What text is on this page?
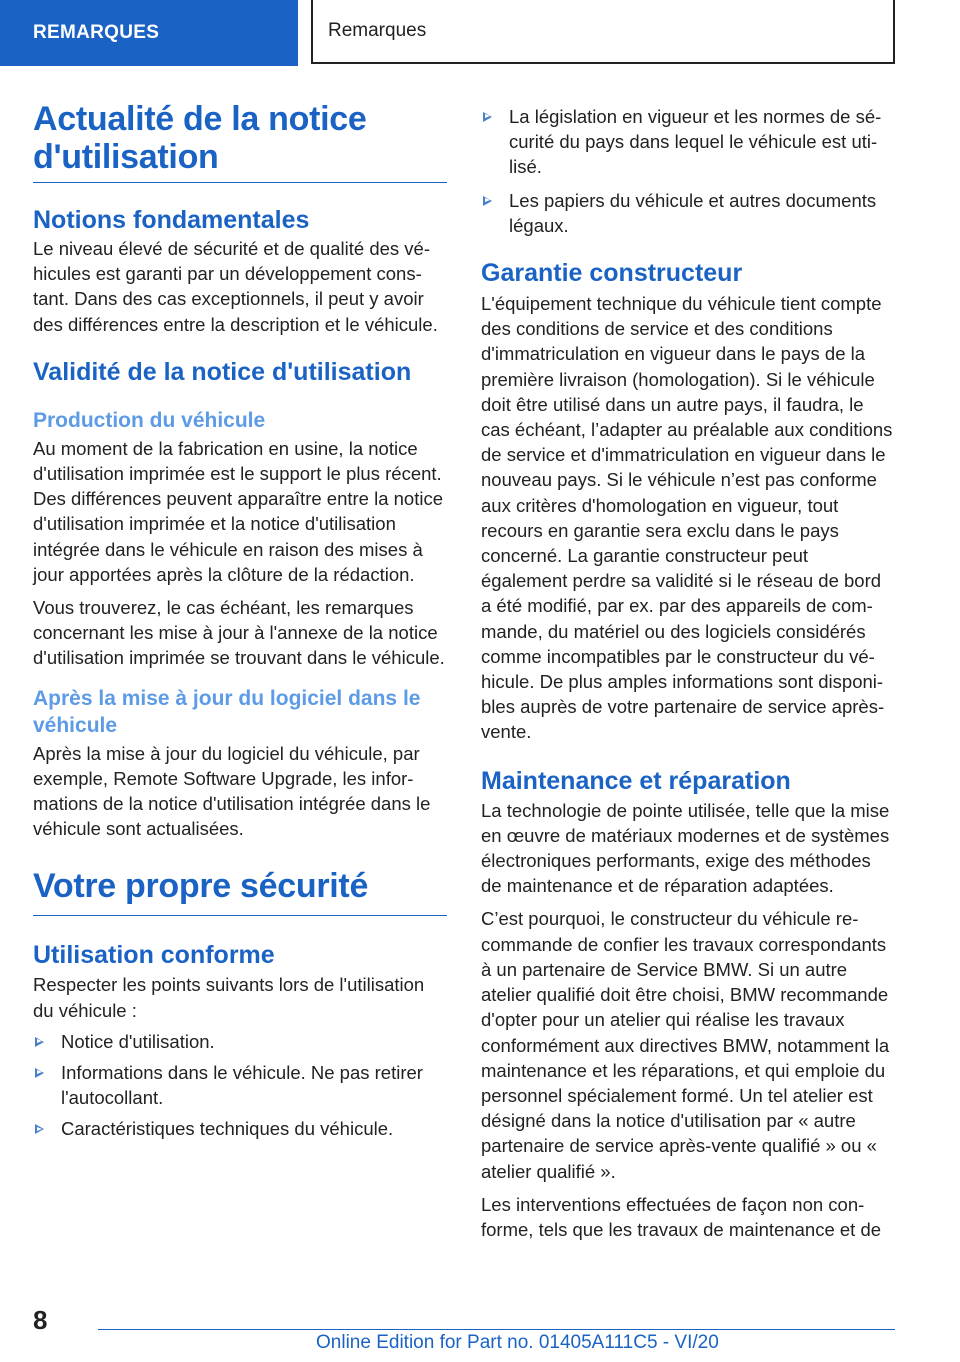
REMARQUES	Remarques
Actualité de la notice d'utilisation
Notions fondamentales

Le niveau élevé de sécurité et de qualité des véhicules est garanti par un développement constant. Dans des cas exceptionnels, il peut y avoir des différences entre la description et le véhicule.

Validité de la notice d'utilisation
Production du véhicule

Au moment de la fabrication en usine, la notice d'utilisation imprimée est le support le plus récent. Des différences peuvent apparaître entre la notice d'utilisation imprimée et la notice d'utilisation intégrée dans le véhicule en raison des mises à jour apportées après la clôture de la rédaction.

Vous trouverez, le cas échéant, les remarques concernant les mise à jour à l'annexe de la notice d'utilisation imprimée se trouvant dans le véhicule.

Après la mise à jour du logiciel dans le véhicule

Après la mise à jour du logiciel du véhicule, par exemple, Remote Software Upgrade, les informations de la notice d'utilisation intégrée dans le véhicule sont actualisées.

Votre propre sécurité
Utilisation conforme

Respecter les points suivants lors de l'utilisation du véhicule :

Notice d'utilisation.
Informations dans le véhicule. Ne pas retirer l'autocollant.
Caractéristiques techniques du véhicule.
La législation en vigueur et les normes de sécurité du pays dans lequel le véhicule est utilisé.
Les papiers du véhicule et autres documents légaux.
Garantie constructeur

L'équipement technique du véhicule tient compte des conditions de service et des conditions d'immatriculation en vigueur dans le pays de la première livraison (homologation). Si le véhicule doit être utilisé dans un autre pays, il faudra, le cas échéant, l’adapter au préalable aux conditions de service et d'immatriculation en vigueur dans le nouveau pays. Si le véhicule n’est pas conforme aux critères d'homologation en vigueur, tout recours en garantie sera exclu dans le pays concerné. La garantie constructeur peut également perdre sa validité si le réseau de bord a été modifié, par ex. par des appareils de commande, du matériel ou des logiciels considérés comme incompatibles par le constructeur du véhicule. De plus amples informations sont disponibles auprès de votre partenaire de service après-vente.

Maintenance et réparation

La technologie de pointe utilisée, telle que la mise en œuvre de matériaux modernes et de systèmes électroniques performants, exige des méthodes de maintenance et de réparation adaptées.

C’est pourquoi, le constructeur du véhicule recommande de confier les travaux correspondants à un partenaire de Service BMW. Si un autre atelier qualifié doit être choisi, BMW recommande d'opter pour un atelier qui réalise les travaux conformément aux directives BMW, notamment la maintenance et les réparations, et qui emploie du personnel spécialement formé. Un tel atelier est désigné dans la notice d'utilisation par « autre partenaire de service après-vente qualifié » ou « atelier qualifié ».

Les interventions effectuées de façon non conforme, tels que les travaux de maintenance et de

8
Online Edition for Part no. 01405A111C5 - VI/20
